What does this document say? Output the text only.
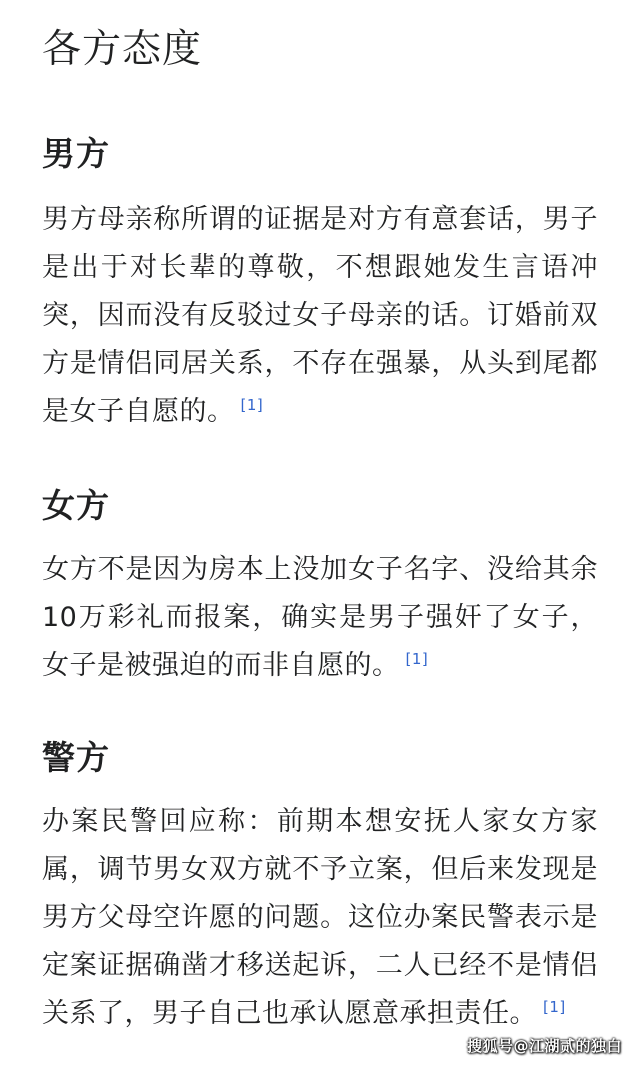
各方态度
男方

男方母亲称所谓的证据是对方有意套话，男子是出于对长辈的尊敬，不想跟她发生言语冲突，因而没有反驳过女子母亲的话。订婚前双方是情侣同居关系，不存在强暴，从头到尾都是女子自愿的。 [1]

女方

女方不是因为房本上没加女子名字、没给其余10万彩礼而报案，确实是男子强奸了女子，女子是被强迫的而非自愿的。 [1]

警方

办案民警回应称：前期本想安抚人家女方家属，调节男女双方就不予立案，但后来发现是男方父母空许愿的问题。这位办案民警表示是定案证据确凿才移送起诉，二人已经不是情侣关系了，男子自己也承认愿意承担责任。 [1]

搜狐号@江湖贰的独白
